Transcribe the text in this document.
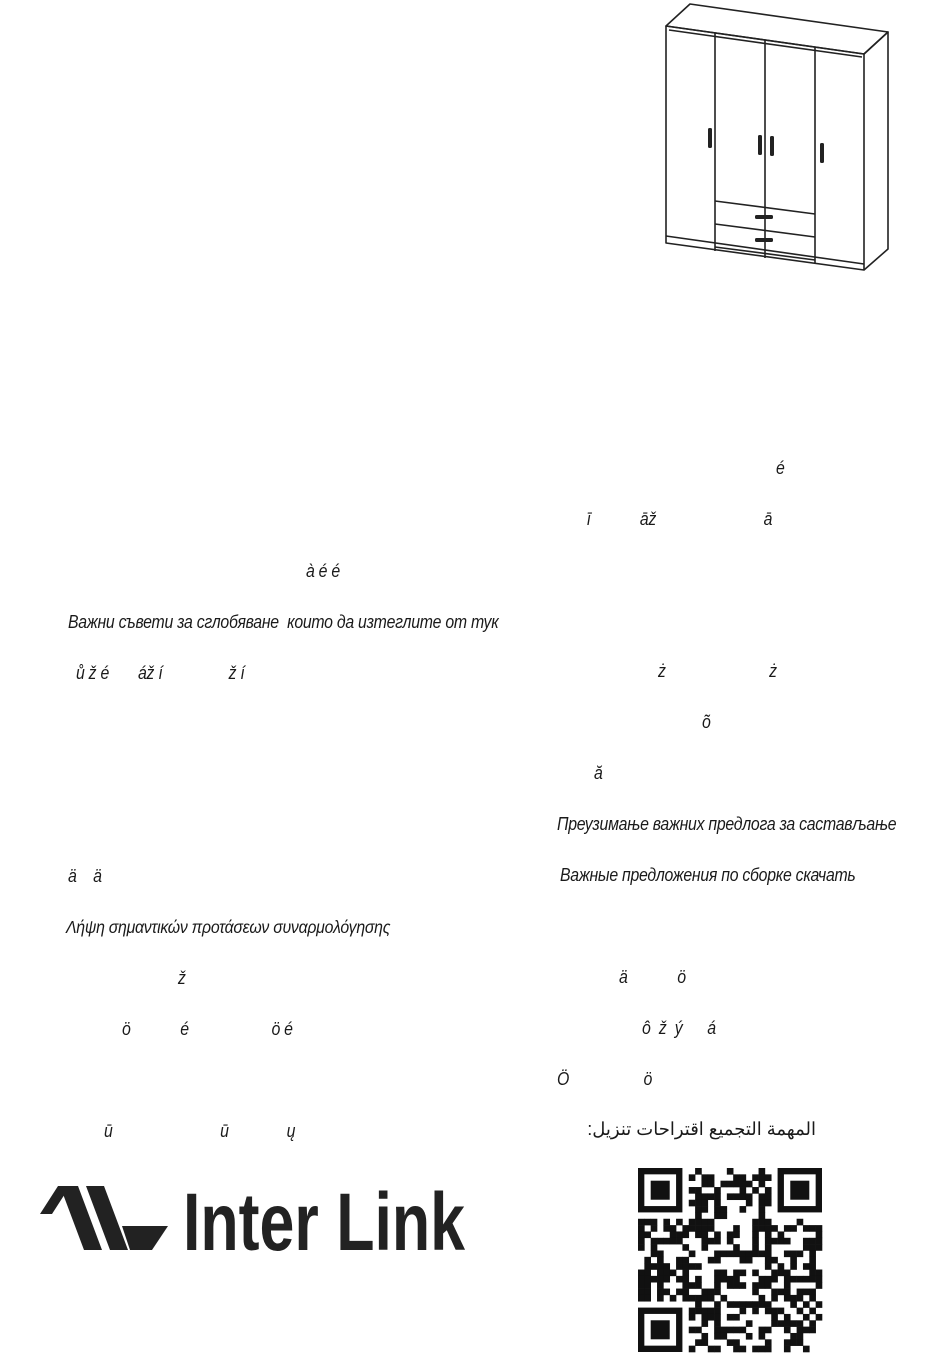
à é é
Важни съвети за сглобяване  които да изтеглите от тук
ů ž é       áž í                ž í
ä    ä
Λήψη σημαντικών προτάσεων συναρμολόγησης
ž
ö            é                    ö é
ū                          ū              ų
é
ī            āž                          ā
ż                         ż
õ
ă
Преузимање важних предлога за састављање
Важные предложения по сборке скачать
ä            ö
ô  ž  ý      á
Ö                  ö
المهمة التجميع اقتراحات تنزيل:
Inter Link
